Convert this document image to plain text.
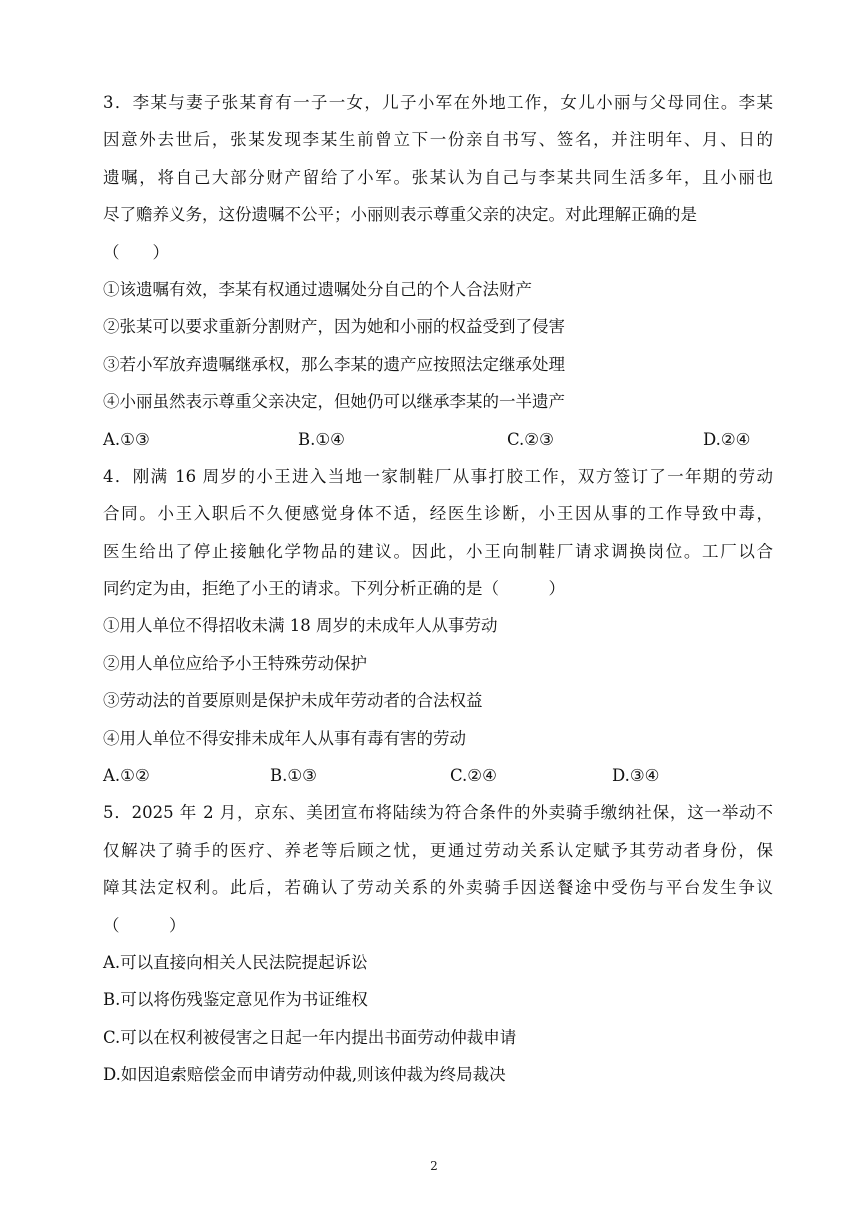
3．李某与妻子张某育有一子一女，儿子小军在外地工作，女儿小丽与父母同住。李某
因意外去世后，张某发现李某生前曾立下一份亲自书写、签名，并注明年、月、日的
遗嘱，将自己大部分财产留给了小军。张某认为自己与李某共同生活多年，且小丽也
尽了赡养义务，这份遗嘱不公平；小丽则表示尊重父亲的决定。对此理解正确的是
（　　）
①该遗嘱有效，李某有权通过遗嘱处分自己的个人合法财产
②张某可以要求重新分割财产，因为她和小丽的权益受到了侵害
③若小军放弃遗嘱继承权，那么李某的遗产应按照法定继承处理
④小丽虽然表示尊重父亲决定，但她仍可以继承李某的一半遗产
A.①③	B.①④	C.②③	D.②④
4．刚满 16 周岁的小王进入当地一家制鞋厂从事打胶工作，双方签订了一年期的劳动
合同。小王入职后不久便感觉身体不适，经医生诊断，小王因从事的工作导致中毒，
医生给出了停止接触化学物品的建议。因此，小王向制鞋厂请求调换岗位。工厂以合
同约定为由，拒绝了小王的请求。下列分析正确的是（　　　）
①用人单位不得招收未满 18 周岁的未成年人从事劳动
②用人单位应给予小王特殊劳动保护
③劳动法的首要原则是保护未成年劳动者的合法权益
④用人单位不得安排未成年人从事有毒有害的劳动
A.①②	B.①③	C.②④	D.③④
5．2025 年 2 月，京东、美团宣布将陆续为符合条件的外卖骑手缴纳社保，这一举动不
仅解决了骑手的医疗、养老等后顾之忧，更通过劳动关系认定赋予其劳动者身份，保
障其法定权利。此后，若确认了劳动关系的外卖骑手因送餐途中受伤与平台发生争议
（　　　）
A.可以直接向相关人民法院提起诉讼
B.可以将伤残鉴定意见作为书证维权
C.可以在权利被侵害之日起一年内提出书面劳动仲裁申请
D.如因追索赔偿金而申请劳动仲裁,则该仲裁为终局裁决
2
